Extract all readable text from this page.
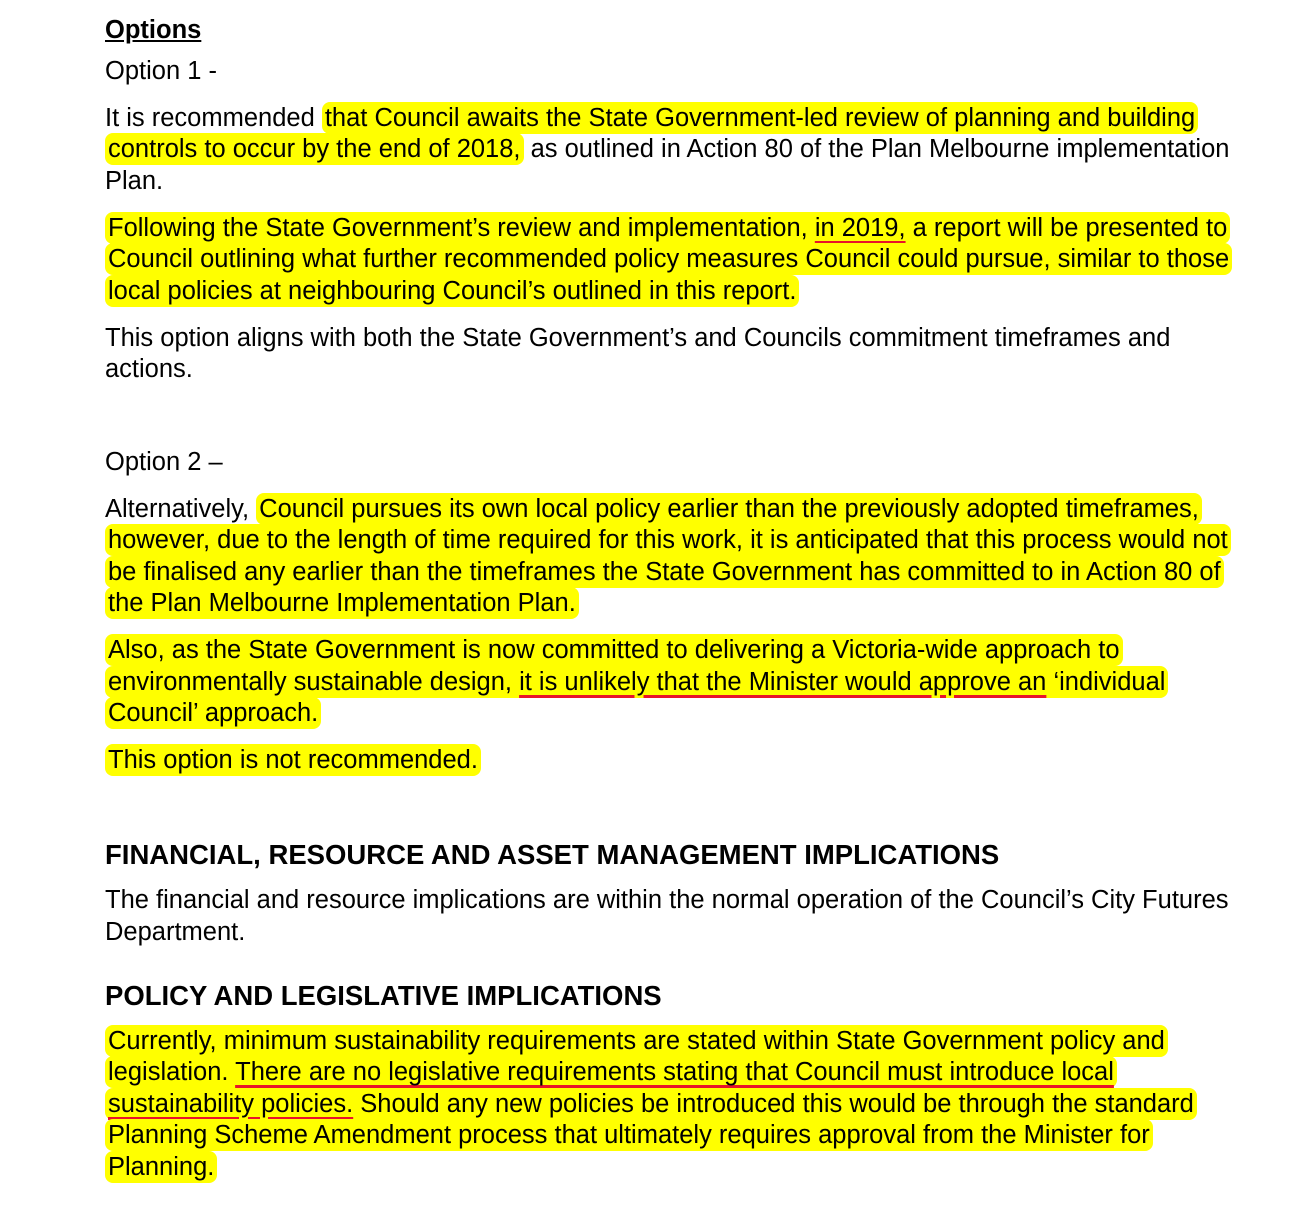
Options
Option 1 -

It is recommended that Council awaits the State Government-led review of planning and building controls to occur by the end of 2018, as outlined in Action 80 of the Plan Melbourne implementation Plan.

Following the State Government’s review and implementation, in 2019, a report will be presented to Council outlining what further recommended policy measures Council could pursue, similar to those local policies at neighbouring Council’s outlined in this report.

This option aligns with both the State Government’s and Councils commitment timeframes and actions.

Option 2 –

Alternatively, Council pursues its own local policy earlier than the previously adopted timeframes, however, due to the length of time required for this work, it is anticipated that this process would not be finalised any earlier than the timeframes the State Government has committed to in Action 80 of the Plan Melbourne Implementation Plan.

Also, as the State Government is now committed to delivering a Victoria-wide approach to environmentally sustainable design, it is unlikely that the Minister would approve an ‘individual Council’ approach.

This option is not recommended.

FINANCIAL, RESOURCE AND ASSET MANAGEMENT IMPLICATIONS

The financial and resource implications are within the normal operation of the Council’s City Futures Department.

POLICY AND LEGISLATIVE IMPLICATIONS

Currently, minimum sustainability requirements are stated within State Government policy and legislation. There are no legislative requirements stating that Council must introduce local sustainability policies. Should any new policies be introduced this would be through the standard Planning Scheme Amendment process that ultimately requires approval from the Minister for Planning.
